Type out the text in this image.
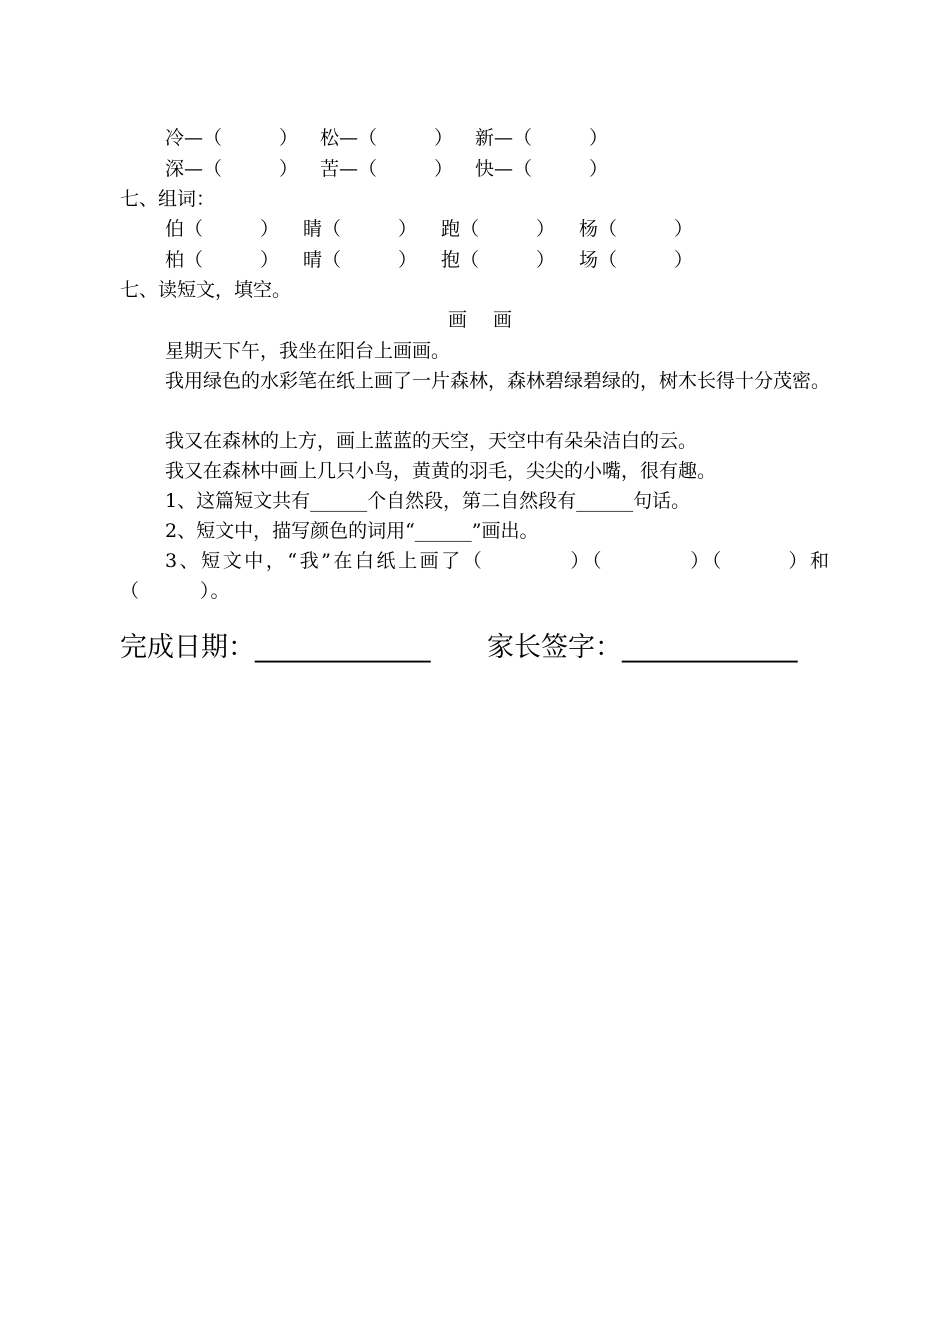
冷—（　　　） 松—（　　　） 新—（　　　）
深—（　　　） 苦—（　　　） 快—（　　　）
七、组词：
伯（　　　） 睛（　　　） 跑（　　　） 杨（　　　）
柏（　　　） 晴（　　　） 抱（　　　） 场（　　　）
七、读短文，填空。
画 画
星期天下午，我坐在阳台上画画。
我用绿色的水彩笔在纸上画了一片森林，森林碧绿碧绿的，树木长得十分茂密。
我又在森林的上方，画上蓝蓝的天空，天空中有朵朵洁白的云。
我又在森林中画上几只小鸟，黄黄的羽毛，尖尖的小嘴，很有趣。
1、这篇短文共有______个自然段，第二自然段有______句话。
2、短文中，描写颜色的词用“______”画出。
3、短文中，“我”在白纸上画了（　　　　）（　　　　）（　　　）和（　　　）。
完成日期：_____________ 家长签字：_____________
